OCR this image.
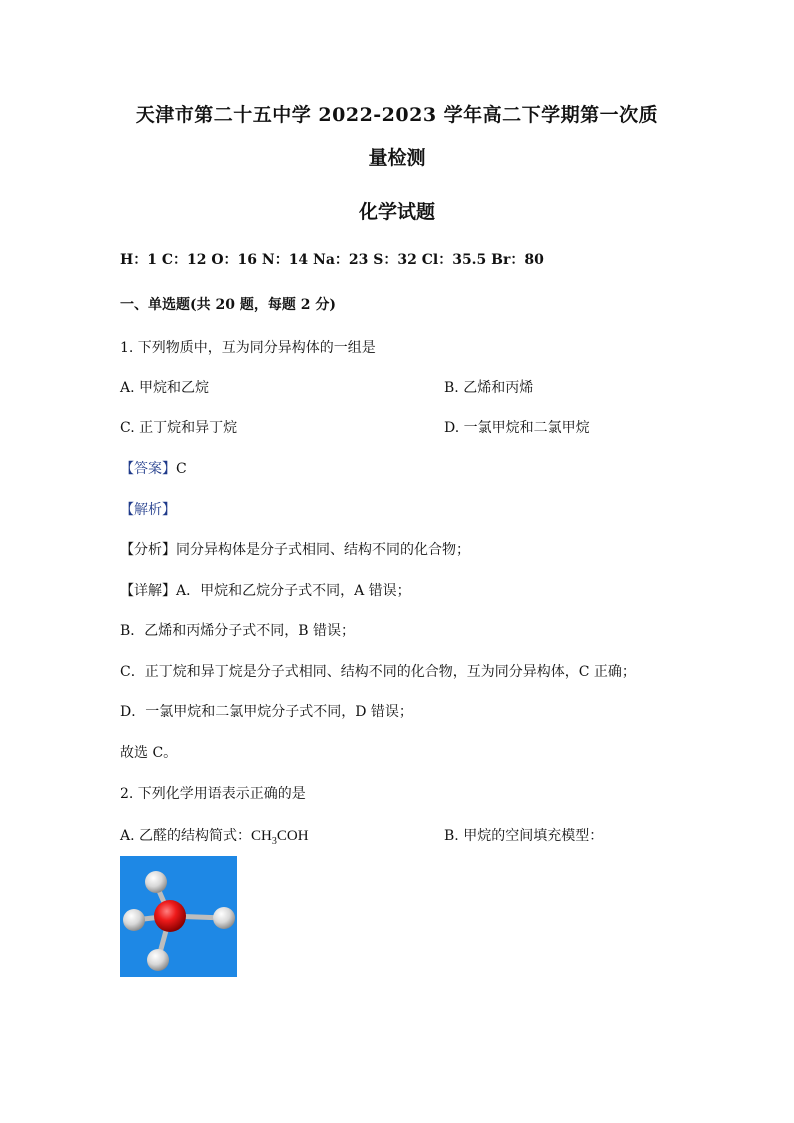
天津市第二十五中学 2022-2023 学年高二下学期第一次质
量检测
化学试题
H：1 C：12 O：16 N：14 Na：23 S：32 Cl：35.5 Br：80
一、单选题(共 20 题，每题 2 分)
1. 下列物质中，互为同分异构体的一组是
A. 甲烷和乙烷	B. 乙烯和丙烯
C. 正丁烷和异丁烷	D. 一氯甲烷和二氯甲烷
【答案】C
【解析】
【分析】同分异构体是分子式相同、结构不同的化合物；
【详解】A．甲烷和乙烷分子式不同，A 错误；
B．乙烯和丙烯分子式不同，B 错误；
C．正丁烷和异丁烷是分子式相同、结构不同的化合物，互为同分异构体，C 正确；
D．一氯甲烷和二氯甲烷分子式不同，D 错误；
故选 C。
2. 下列化学用语表示正确的是
A. 乙醛的结构简式：$CH_3COH$	B. 甲烷的空间填充模型：
